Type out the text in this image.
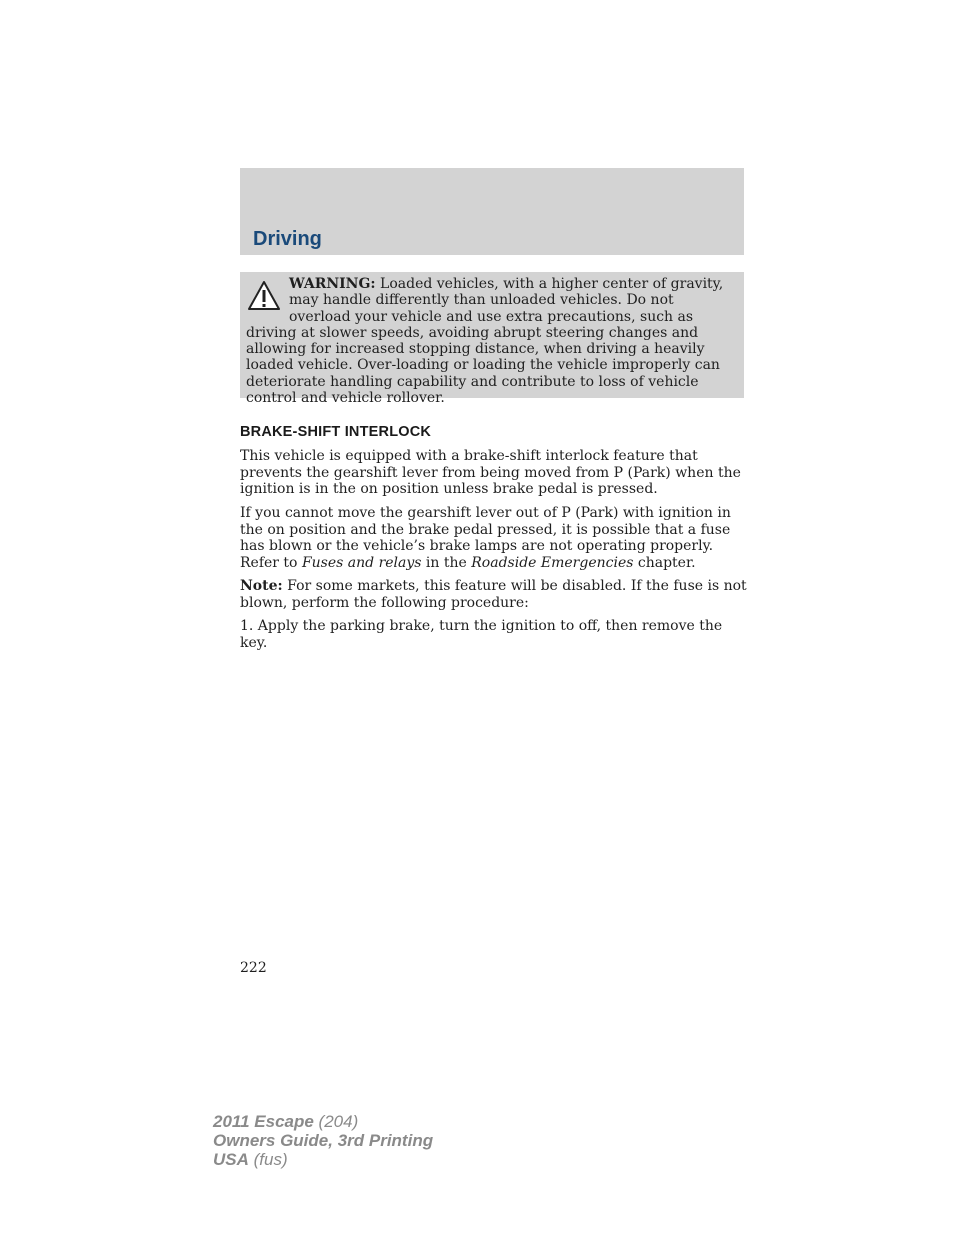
Driving
WARNING: Loaded vehicles, with a higher center of gravity, may handle differently than unloaded vehicles. Do not overload your vehicle and use extra precautions, such as driving at slower speeds, avoiding abrupt steering changes and allowing for increased stopping distance, when driving a heavily loaded vehicle. Over-loading or loading the vehicle improperly can deteriorate handling capability and contribute to loss of vehicle control and vehicle rollover.
BRAKE-SHIFT INTERLOCK

This vehicle is equipped with a brake-shift interlock feature that prevents the gearshift lever from being moved from P (Park) when the ignition is in the on position unless brake pedal is pressed.

If you cannot move the gearshift lever out of P (Park) with ignition in the on position and the brake pedal pressed, it is possible that a fuse has blown or the vehicle’s brake lamps are not operating properly. Refer to Fuses and relays in the Roadside Emergencies chapter.

Note: For some markets, this feature will be disabled. If the fuse is not blown, perform the following procedure:

1. Apply the parking brake, turn the ignition to off, then remove the key.

222
2011 Escape (204)
Owners Guide, 3rd Printing
USA (fus)
